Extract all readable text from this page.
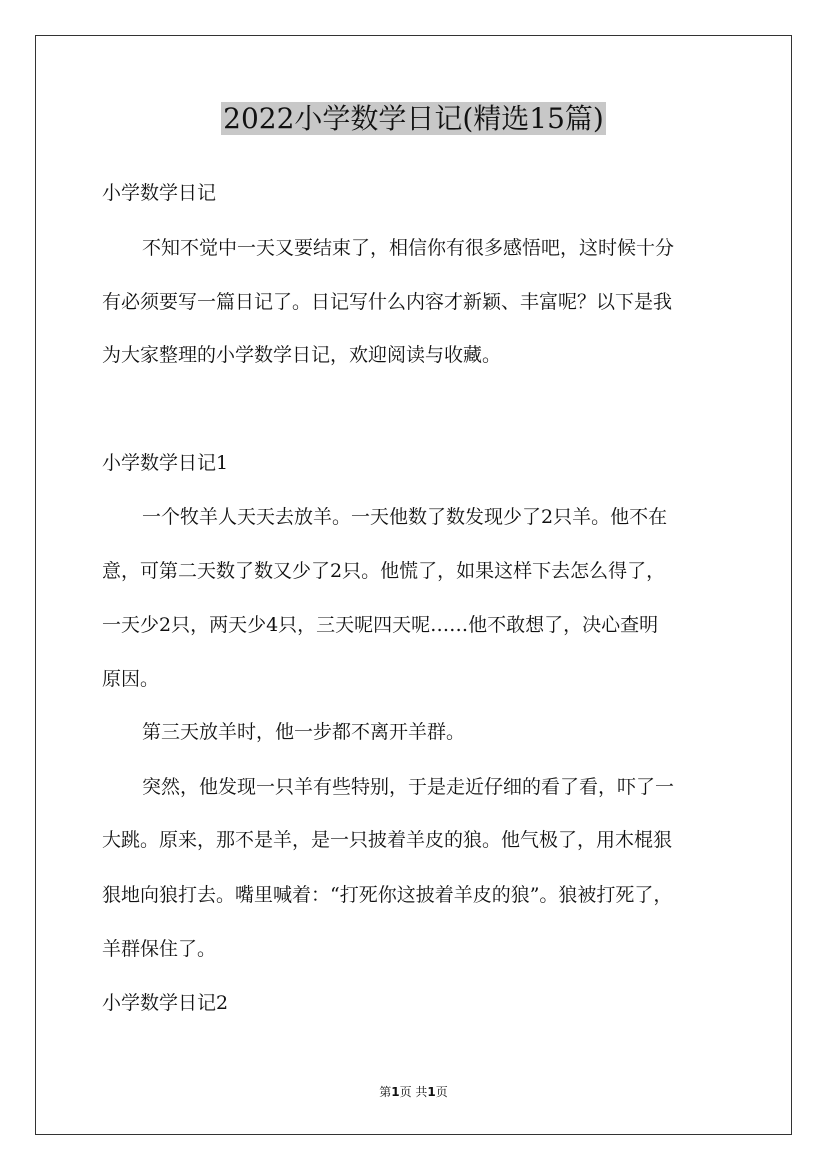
2022小学数学日记(精选15篇)

小学数学日记

不知不觉中一天又要结束了，相信你有很多感悟吧，这时候十分

有必须要写一篇日记了。日记写什么内容才新颖、丰富呢？以下是我

为大家整理的小学数学日记，欢迎阅读与收藏。

小学数学日记1

一个牧羊人天天去放羊。一天他数了数发现少了2只羊。他不在

意，可第二天数了数又少了2只。他慌了，如果这样下去怎么得了，

一天少2只，两天少4只，三天呢四天呢……他不敢想了，决心查明

原因。

第三天放羊时，他一步都不离开羊群。

突然，他发现一只羊有些特别，于是走近仔细的看了看，吓了一

大跳。原来，那不是羊，是一只披着羊皮的狼。他气极了，用木棍狠

狠地向狼打去。嘴里喊着：“打死你这披着羊皮的狼”。狼被打死了，

羊群保住了。

小学数学日记2

第1页 共1页
